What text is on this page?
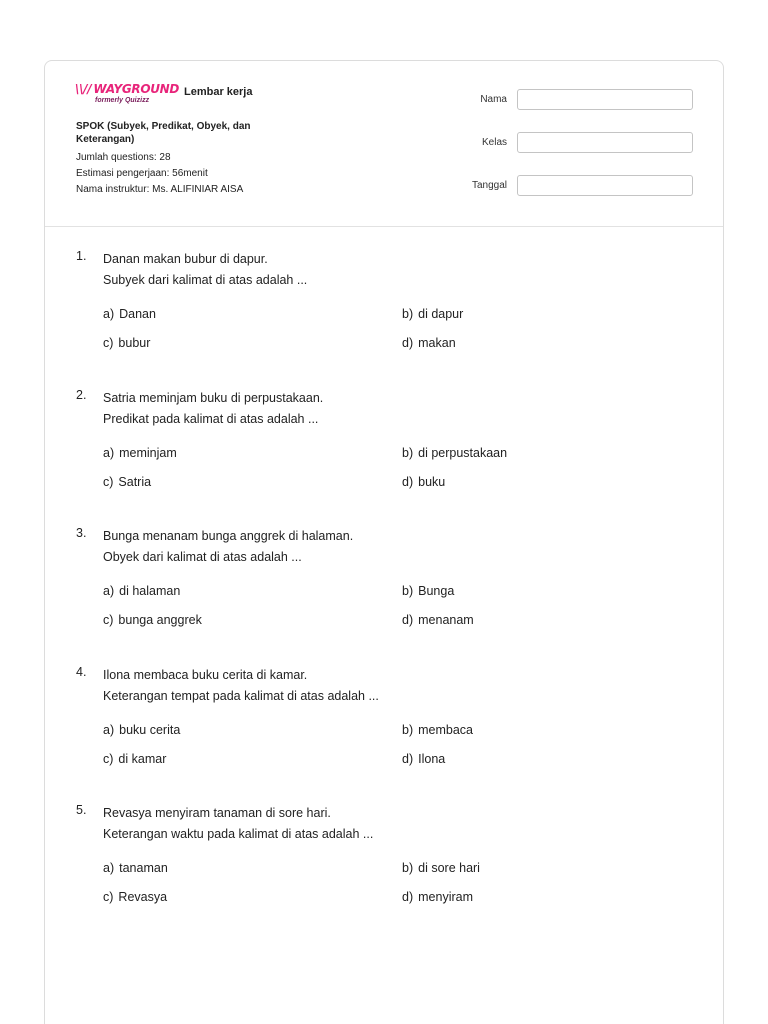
\\// WAYGROUND
formerly Quizizz
Lembar kerja
SPOK (Subyek, Predikat, Obyek, dan Keterangan)
Jumlah questions: 28
Estimasi pengerjaan: 56menit
Nama instruktur: Ms. ALIFINIAR AISA
Nama
Kelas
Tanggal
1. Danan makan bubur di dapur.
Subyek dari kalimat di atas adalah ...
a) Danan	b) di dapur
c) bubur	d) makan
2. Satria meminjam buku di perpustakaan.
Predikat pada kalimat di atas adalah ...
a) meminjam	b) di perpustakaan
c) Satria	d) buku
3. Bunga menanam bunga anggrek di halaman.
Obyek dari kalimat di atas adalah ...
a) di halaman	b) Bunga
c) bunga anggrek	d) menanam
4. Ilona membaca buku cerita di kamar.
Keterangan tempat pada kalimat di atas adalah ...
a) buku cerita	b) membaca
c) di kamar	d) Ilona
5. Revasya menyiram tanaman di sore hari.
Keterangan waktu pada kalimat di atas adalah ...
a) tanaman	b) di sore hari
c) Revasya	d) menyiram
